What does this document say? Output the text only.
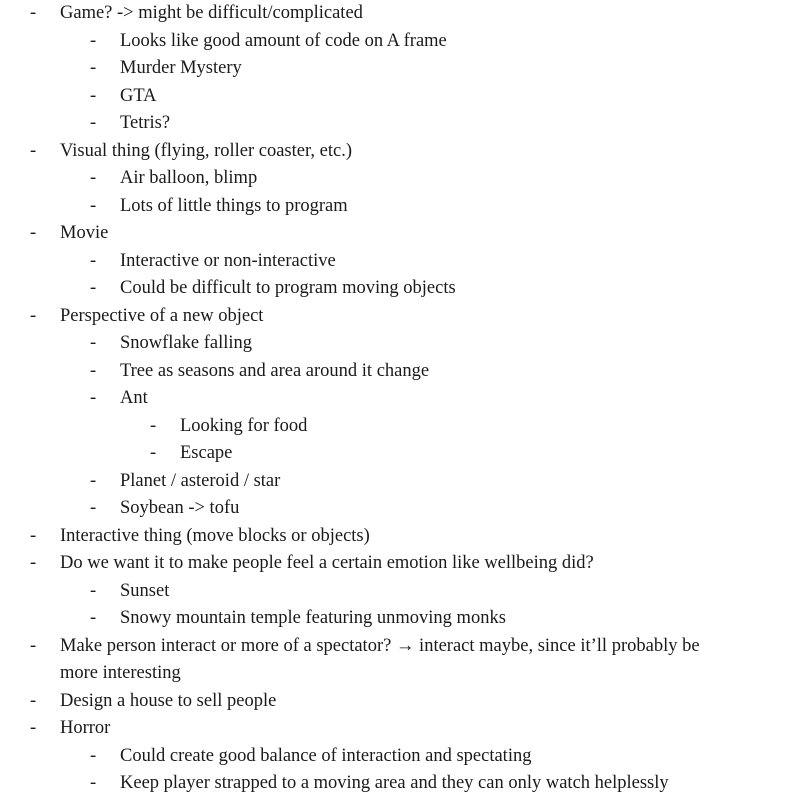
- Game? -> might be difficult/complicated
- Looks like good amount of code on A frame
- Murder Mystery
- GTA
- Tetris?
- Visual thing (flying, roller coaster, etc.)
- Air balloon, blimp
- Lots of little things to program
- Movie
- Interactive or non-interactive
- Could be difficult to program moving objects
- Perspective of a new object
- Snowflake falling
- Tree as seasons and area around it change
- Ant
- Looking for food
- Escape
- Planet / asteroid / star
- Soybean -> tofu
- Interactive thing (move blocks or objects)
- Do we want it to make people feel a certain emotion like wellbeing did?
- Sunset
- Snowy mountain temple featuring unmoving monks
- Make person interact or more of a spectator? → interact maybe, since it’ll probably be
more interesting
- Design a house to sell people
- Horror
- Could create good balance of interaction and spectating
- Keep player strapped to a moving area and they can only watch helplessly
